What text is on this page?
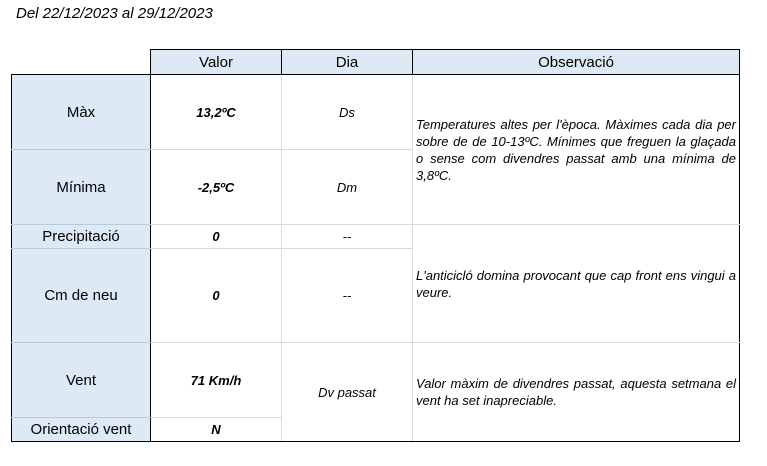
Del 22/12/2023 al 29/12/2023
	Valor	Dia	Observació
Màx	13,2ºC	Ds	Temperatures altes per l'època. Màximes cada dia per sobre de de 10-13ºC. Mínimes que freguen la glaçada o sense com divendres passat amb una mínima de 3,8ºC.
Mínima	-2,5ºC	Dm	
Precipitació	0	--	L'anticicló domina provocant que cap front ens vingui a veure.
Cm de neu	0	--	
Vent	71 Km/h	Dv passat	Valor màxim de divendres passat, aquesta setmana el vent ha set inapreciable.
Orientació vent	N		
